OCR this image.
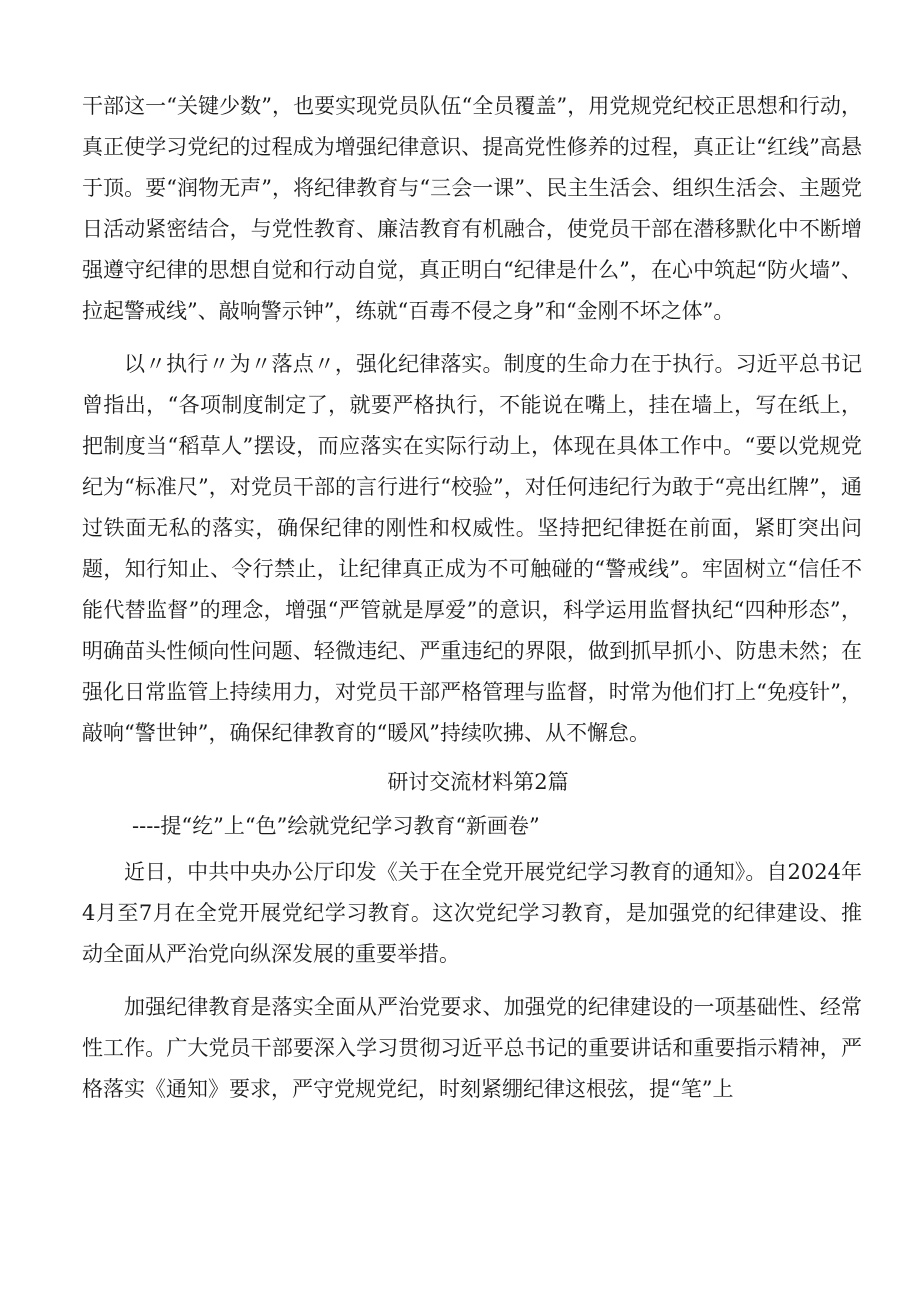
干部这一“关键少数”，也要实现党员队伍“全员覆盖”，用党规党纪校正思想和行动，真正使学习党纪的过程成为增强纪律意识、提高党性修养的过程，真正让“红线”高悬于顶。要“润物无声”，将纪律教育与“三会一课”、民主生活会、组织生活会、主题党日活动紧密结合，与党性教育、廉洁教育有机融合，使党员干部在潜移默化中不断增强遵守纪律的思想自觉和行动自觉，真正明白“纪律是什么”，在心中筑起“防火墙”、拉起警戒线”、敲响警示钟”，练就“百毒不侵之身”和“金刚不坏之体”。

以〃执行〃为〃落点〃，强化纪律落实。制度的生命力在于执行。习近平总书记曾指出，“各项制度制定了，就要严格执行，不能说在嘴上，挂在墙上，写在纸上，把制度当“稻草人”摆设，而应落实在实际行动上，体现在具体工作中。“要以党规党纪为“标准尺”，对党员干部的言行进行“校验”，对任何违纪行为敢于“亮出红牌”，通过铁面无私的落实，确保纪律的刚性和权威性。坚持把纪律挺在前面，紧盯突出问题，知行知止、令行禁止，让纪律真正成为不可触碰的“警戒线”。牢固树立“信任不能代替监督”的理念，增强“严管就是厚爱”的意识，科学运用监督执纪“四种形态”，明确苗头性倾向性问题、轻微违纪、严重违纪的界限，做到抓早抓小、防患未然；在强化日常监管上持续用力，对党员干部严格管理与监督，时常为他们打上“免疫针”，敲响“警世钟”，确保纪律教育的“暖风”持续吹拂、从不懈怠。

研讨交流材料第2篇
----提“纥”上“色”绘就党纪学习教育“新画卷”

近日，中共中央办公厅印发《关于在全党开展党纪学习教育的通知》。自2024年4月至7月在全党开展党纪学习教育。这次党纪学习教育，是加强党的纪律建设、推动全面从严治党向纵深发展的重要举措。

加强纪律教育是落实全面从严治党要求、加强党的纪律建设的一项基础性、经常性工作。广大党员干部要深入学习贯彻习近平总书记的重要讲话和重要指示精神，严格落实《通知》要求，严守党规党纪，时刻紧绷纪律这根弦，提“笔”上
